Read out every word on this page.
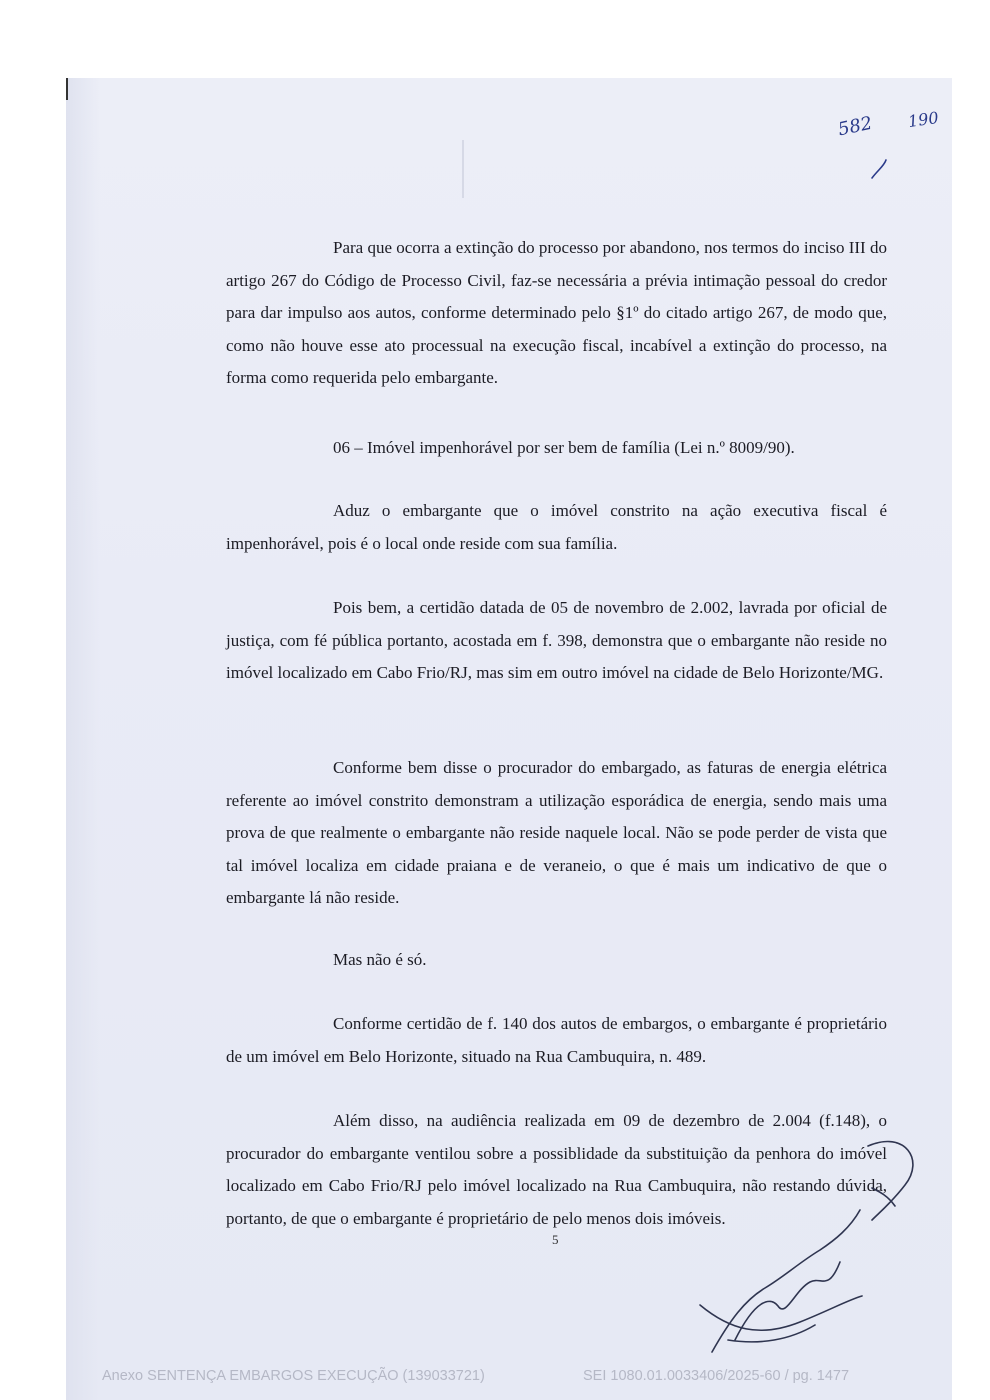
582 190

Para que ocorra a extinção do processo por abandono, nos termos do inciso III do artigo 267 do Código de Processo Civil, faz-se necessária a prévia intimação pessoal do credor para dar impulso aos autos, conforme determinado pelo §1º do citado artigo 267, de modo que, como não houve esse ato processual na execução fiscal, incabível a extinção do processo, na forma como requerida pelo embargante.

06 – Imóvel impenhorável por ser bem de família (Lei n.º 8009/90).

Aduz o embargante que o imóvel constrito na ação executiva fiscal é impenhorável, pois é o local onde reside com sua família.

Pois bem, a certidão datada de 05 de novembro de 2.002, lavrada por oficial de justiça, com fé pública portanto, acostada em f. 398, demonstra que o embargante não reside no imóvel localizado em Cabo Frio/RJ, mas sim em outro imóvel na cidade de Belo Horizonte/MG.

Conforme bem disse o procurador do embargado, as faturas de energia elétrica referente ao imóvel constrito demonstram a utilização esporádica de energia, sendo mais uma prova de que realmente o embargante não reside naquele local. Não se pode perder de vista que tal imóvel localiza em cidade praiana e de veraneio, o que é mais um indicativo de que o embargante lá não reside.

Mas não é só.

Conforme certidão de f. 140 dos autos de embargos, o embargante é proprietário de um imóvel em Belo Horizonte, situado na Rua Cambuquira, n. 489.

Além disso, na audiência realizada em 09 de dezembro de 2.004 (f.148), o procurador do embargante ventilou sobre a possiblidade da substituição da penhora do imóvel localizado em Cabo Frio/RJ pelo imóvel localizado na Rua Cambuquira, não restando dúvida, portanto, de que o embargante é proprietário de pelo menos dois imóveis.

5
Anexo SENTENÇA EMBARGOS EXECUÇÃO (139033721)	SEI 1080.01.0033406/2025-60 / pg. 1477
